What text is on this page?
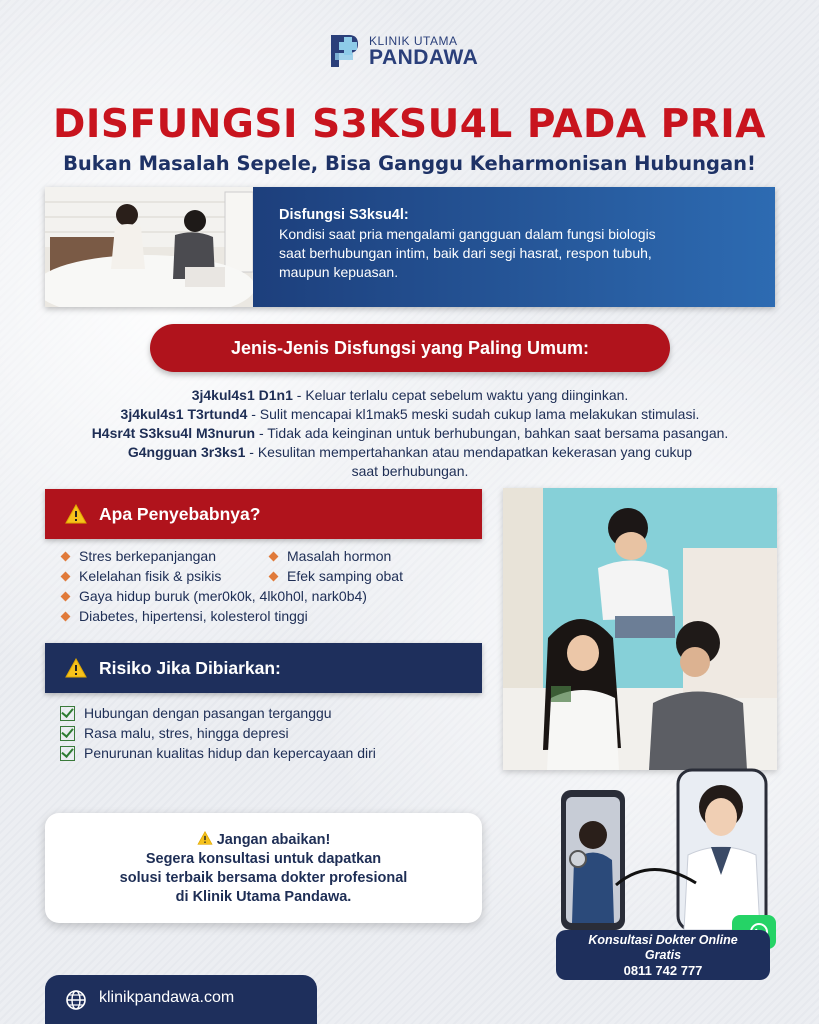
KLINIK UTAMA
PANDAWA
DISFUNGSI S3KSU4L PADA PRIA
Bukan Masalah Sepele, Bisa Ganggu Keharmonisan Hubungan!
Disfungsi S3ksu4l:
Kondisi saat pria mengalami gangguan dalam fungsi biologis
saat berhubungan intim, baik dari segi hasrat, respon tubuh,
maupun kepuasan.
Jenis-Jenis Disfungsi yang Paling Umum:
3j4kul4s1 D1n1 - Keluar terlalu cepat sebelum waktu yang diinginkan.
3j4kul4s1 T3rtund4 - Sulit mencapai kl1mak5 meski sudah cukup lama melakukan stimulasi.
H4sr4t S3ksu4l M3nurun - Tidak ada keinginan untuk berhubungan, bahkan saat bersama pasangan.
G4ngguan 3r3ks1 - Kesulitan mempertahankan atau mendapatkan kekerasan yang cukup
saat berhubungan.
Apa Penyebabnya?
Stres berkepanjangan	Masalah hormon
Kelelahan fisik & psikis	Efek samping obat
Gaya hidup buruk (mer0k0k, 4lk0h0l, nark0b4)
Diabetes, hipertensi, kolesterol tinggi
Risiko Jika Dibiarkan:
Hubungan dengan pasangan terganggu
Rasa malu, stres, hingga depresi
Penurunan kualitas hidup dan kepercayaan diri
Jangan abaikan!
Segera konsultasi untuk dapatkan
solusi terbaik bersama dokter profesional
di Klinik Utama Pandawa.
Konsultasi Dokter Online
Gratis
0811 742 777
klinikpandawa.com
